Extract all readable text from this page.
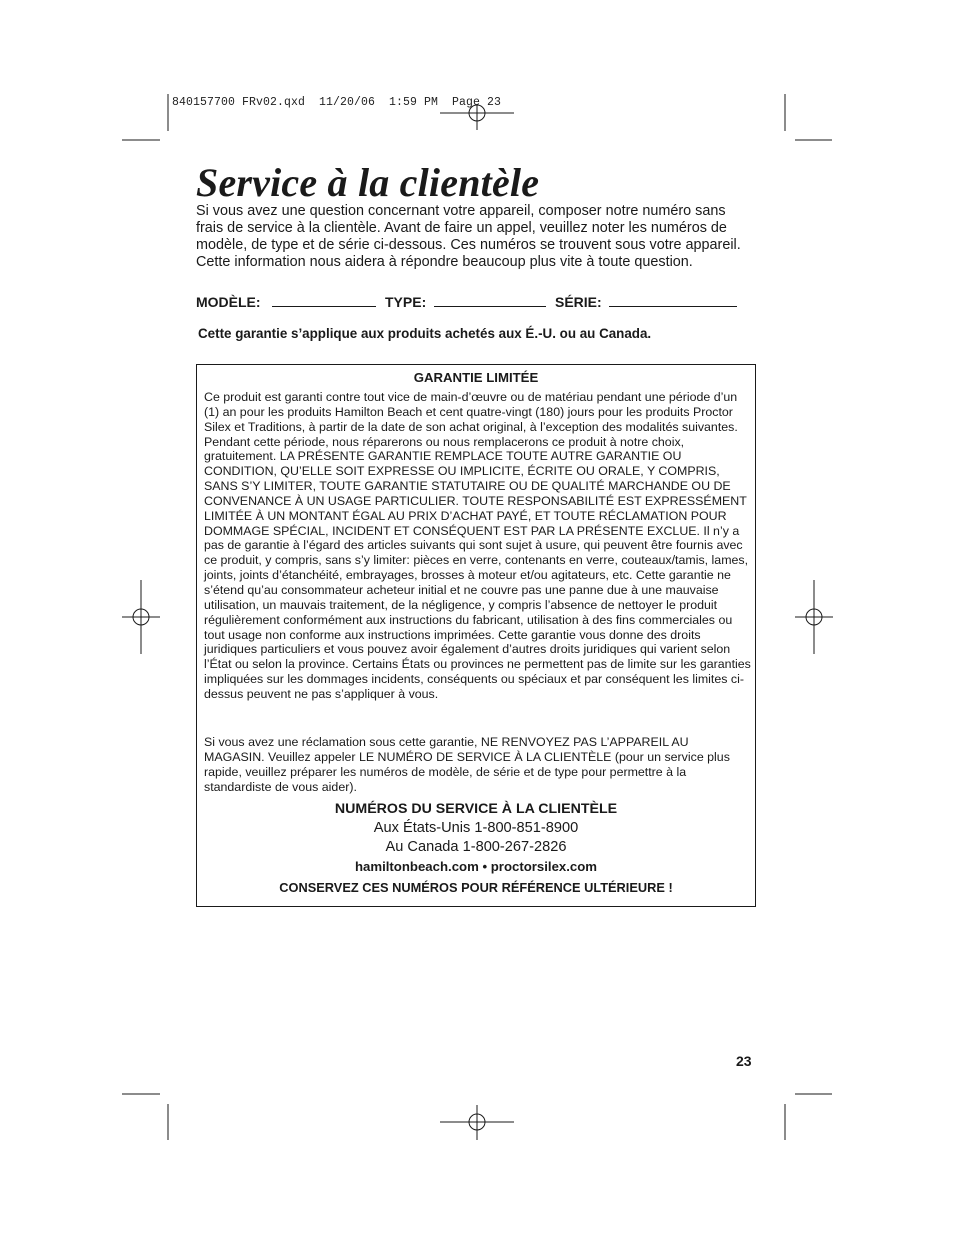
840157700 FRv02.qxd  11/20/06  1:59 PM  Page 23
Service à la clientèle

Si vous avez une question concernant votre appareil, composer notre numéro sans frais de service à la clientèle. Avant de faire un appel, veuillez noter les numéros de modèle, de type et de série ci-dessous. Ces numéros se trouvent sous votre appareil. Cette information nous aidera à répondre beaucoup plus vite à toute question.

MODÈLE:	TYPE:	SÉRIE:

Cette garantie s’applique aux produits achetés aux É.-U. ou au Canada.

GARANTIE LIMITÉE

Ce produit est garanti contre tout vice de main-d’œuvre ou de matériau pendant une période d’un (1) an pour les produits Hamilton Beach et cent quatre-vingt (180) jours pour les produits Proctor Silex et Traditions, à partir de la date de son achat original, à l’exception des modalités suivantes. Pendant cette période, nous réparerons ou nous remplacerons ce produit à notre choix, gratuitement. LA PRÉSENTE GARANTIE REMPLACE TOUTE AUTRE GARANTIE OU CONDITION, QU’ELLE SOIT EXPRESSE OU IMPLICITE, ÉCRITE OU ORALE, Y COMPRIS, SANS S’Y LIMITER, TOUTE GARANTIE STATUTAIRE OU DE QUALITÉ MARCHANDE OU DE CONVENANCE À UN USAGE PARTICULIER. TOUTE RESPONSABILITÉ EST EXPRESSÉMENT LIMITÉE À UN MONTANT ÉGAL AU PRIX D’ACHAT PAYÉ, ET TOUTE RÉCLAMATION POUR DOMMAGE SPÉCIAL, INCIDENT ET CONSÉQUENT EST PAR LA PRÉSENTE EXCLUE. Il n’y a pas de garantie à l’égard des articles suivants qui sont sujet à usure, qui peuvent être fournis avec ce produit, y compris, sans s’y limiter: pièces en verre, contenants en verre, couteaux/tamis, lames, joints, joints d’étanchéité, embrayages, brosses à moteur et/ou agitateurs, etc. Cette garantie ne s’étend qu’au consommateur acheteur initial et ne couvre pas une panne due à une mauvaise utilisation, un mauvais traitement, de la négligence, y compris l’absence de nettoyer le produit régulièrement conformément aux instructions du fabricant, utilisation à des fins commerciales ou tout usage non conforme aux instructions imprimées. Cette garantie vous donne des droits juridiques particuliers et vous pouvez avoir également d’autres droits juridiques qui varient selon l’État ou selon la province. Certains États ou provinces ne permettent pas de limite sur les garanties impliquées sur les dommages incidents, conséquents ou spéciaux et par conséquent les limites ci-dessus peuvent ne pas s’appliquer à vous.

Si vous avez une réclamation sous cette garantie, NE RENVOYEZ PAS L’APPAREIL AU MAGASIN. Veuillez appeler LE NUMÉRO DE SERVICE À LA CLIENTÈLE (pour un service plus rapide, veuillez préparer les numéros de modèle, de série et de type pour permettre à la standardiste de vous aider).

NUMÉROS DU SERVICE À LA CLIENTÈLE
Aux États-Unis 1-800-851-8900
Au Canada 1-800-267-2826
hamiltonbeach.com • proctorsilex.com
CONSERVEZ CES NUMÉROS POUR RÉFÉRENCE ULTÉRIEURE !
23
